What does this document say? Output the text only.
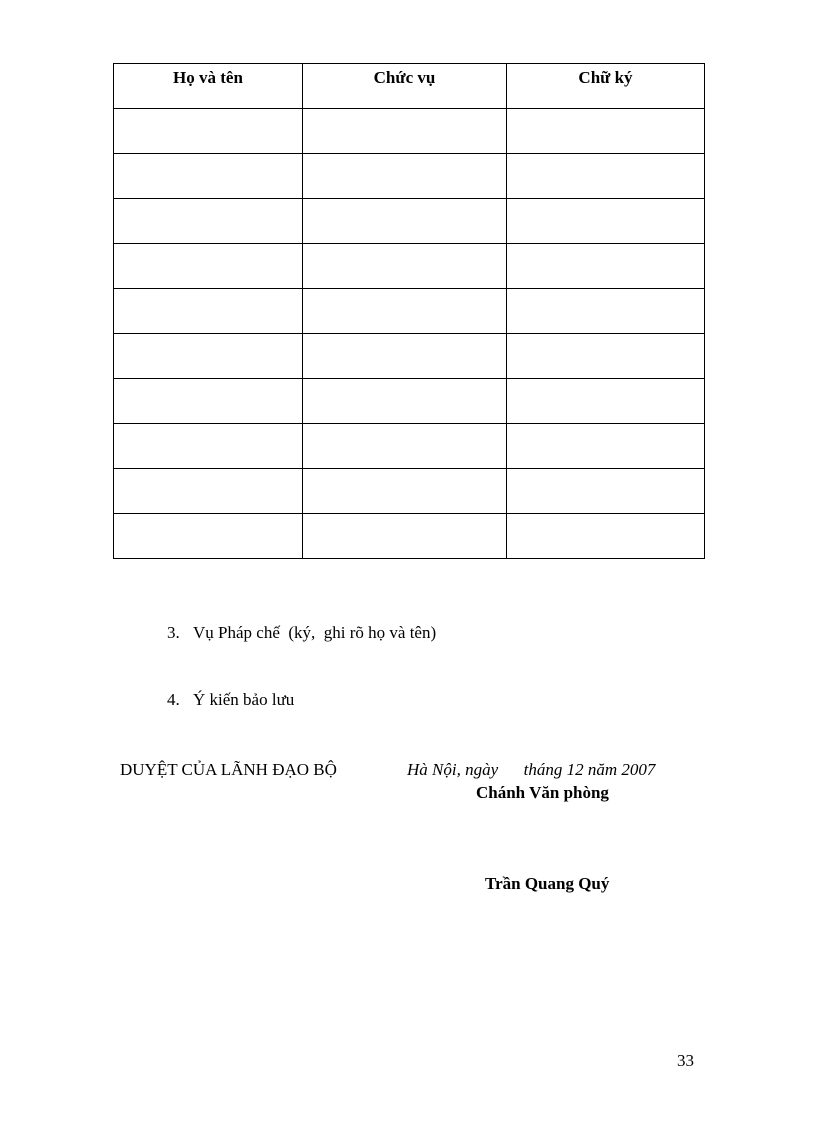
Họ và tên	Chức vụ	Chữ ký

3. Vụ Pháp chế  (ký,  ghi rõ họ và tên)
4. Ý kiến bảo lưu
DUYỆT CỦA LÃNH ĐẠO BỘ	Hà Nội, ngày      tháng 12 năm 2007
Chánh Văn phòng
Trần Quang Quý
33
